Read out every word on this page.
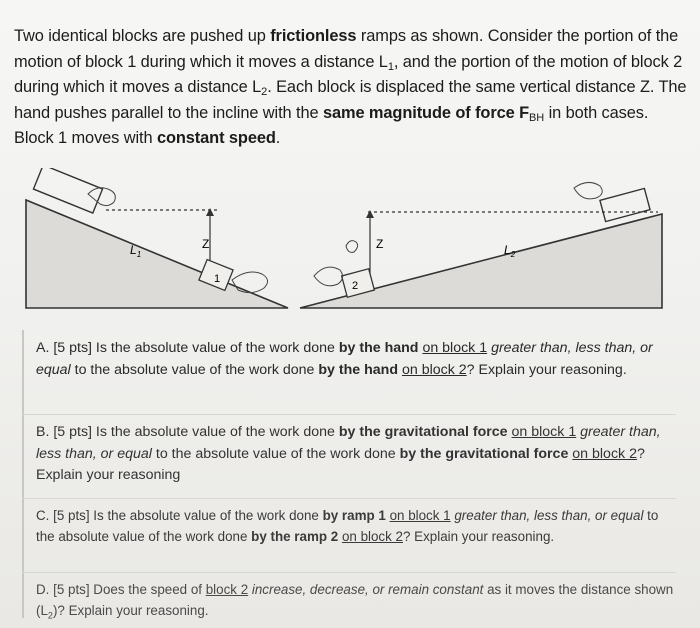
Two identical blocks are pushed up frictionless ramps as shown. Consider the portion of the motion of block 1 during which it moves a distance $L_1$, and the portion of the motion of block 2 during which it moves a distance $L_2$. Each block is displaced the same vertical distance Z. The hand pushes parallel to the incline with the same magnitude of force $F_{BH}$ in both cases. Block 1 moves with constant speed.
Z
$L_1$
1
Z	$L_2$
2
A. [5 pts] Is the absolute value of the work done by the hand on block 1 greater than, less than, or equal to the absolute value of the work done by the hand on block 2? Explain your reasoning.
B. [5 pts] Is the absolute value of the work done by the gravitational force on block 1 greater than, less than, or equal to the absolute value of the work done by the gravitational force on block 2? Explain your reasoning
C. [5 pts] Is the absolute value of the work done by ramp 1 on block 1 greater than, less than, or equal to the absolute value of the work done by the ramp 2 on block 2? Explain your reasoning.
D. [5 pts] Does the speed of block 2 increase, decrease, or remain constant as it moves the distance shown $(L_2)$? Explain your reasoning.
